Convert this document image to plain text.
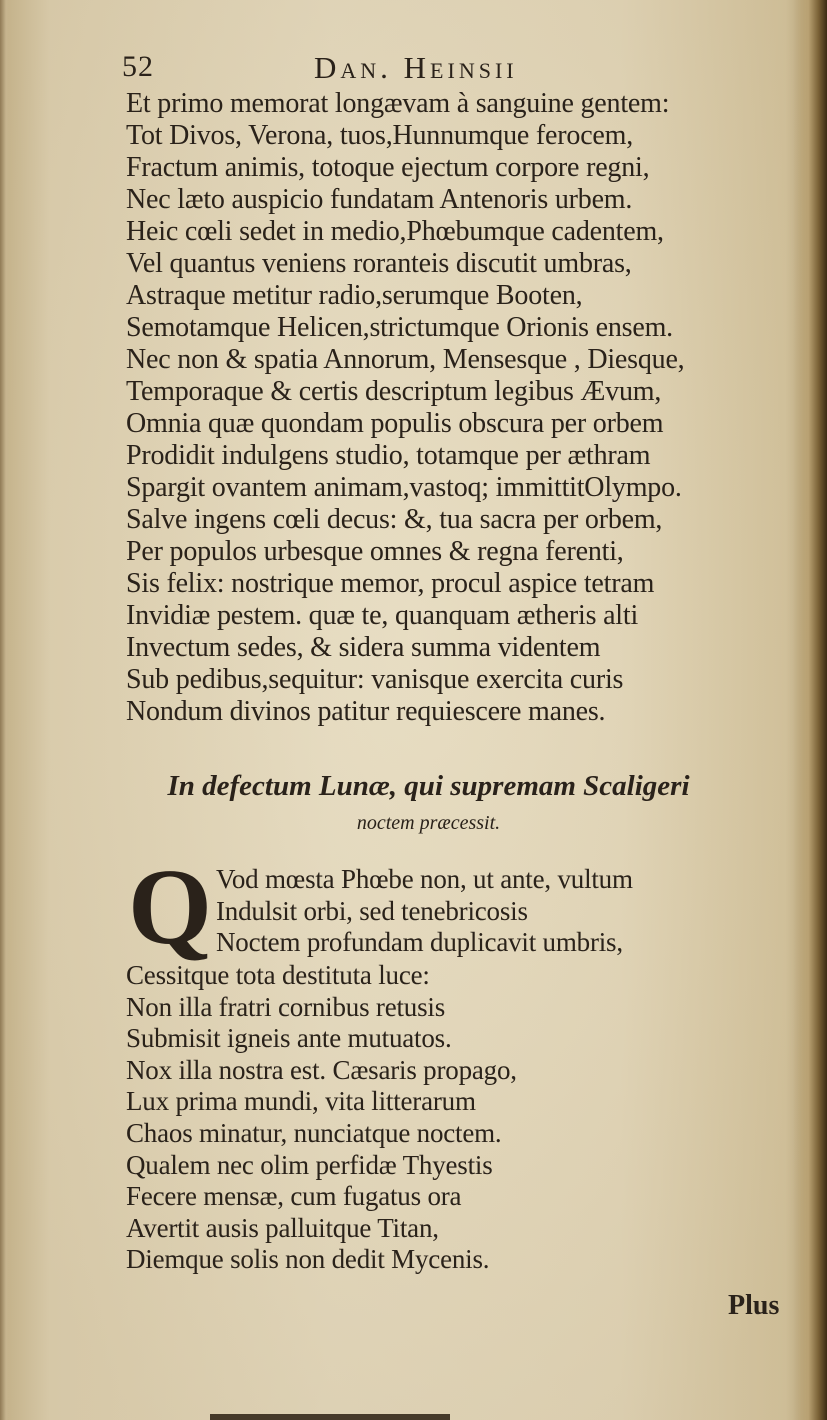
52	Dan. Heinsii
Et primo memorat longævam à sanguine gentem:
Tot Divos, Verona, tuos,Hunnumque ferocem,
Fractum animis, totoque ejectum corpore regni,
Nec læto auspicio fundatam Antenoris urbem.
Heic cœli sedet in medio,Phœbumque cadentem,
Vel quantus veniens roranteis discutit umbras,
Astraque metitur radio,serumque Booten,
Semotamque Helicen,strictumque Orionis ensem.
Nec non & spatia Annorum, Mensesque , Diesque,
Temporaque & certis descriptum legibus Ævum,
Omnia quæ quondam populis obscura per orbem
Prodidit indulgens studio, totamque per æthram
Spargit ovantem animam,vastoq; immittitOlympo.
Salve ingens cœli decus: &, tua sacra per orbem,
Per populos urbesque omnes & regna ferenti,
Sis felix: nostrique memor, procul aspice tetram
Invidiæ pestem. quæ te, quanquam ætheris alti
Invectum sedes, & sidera summa videntem
Sub pedibus,sequitur: vanisque exercita curis
Nondum divinos patitur requiescere manes.

In defectum Lunæ, qui supremam Scaligeri

noctem præcessit.

Q Vod mœsta Phœbe non, ut ante, vultum
Indulsit orbi, sed tenebricosis
Noctem profundam duplicavit umbris,
Cessitque tota destituta luce:
Non illa fratri cornibus retusis
Submisit igneis ante mutuatos.
Nox illa nostra est. Cæsaris propago,
Lux prima mundi, vita litterarum
Chaos minatur, nunciatque noctem.
Qualem nec olim perfidæ Thyestis
Fecere mensæ, cum fugatus ora
Avertit ausis palluitque Titan,
Diemque solis non dedit Mycenis.
Plus
